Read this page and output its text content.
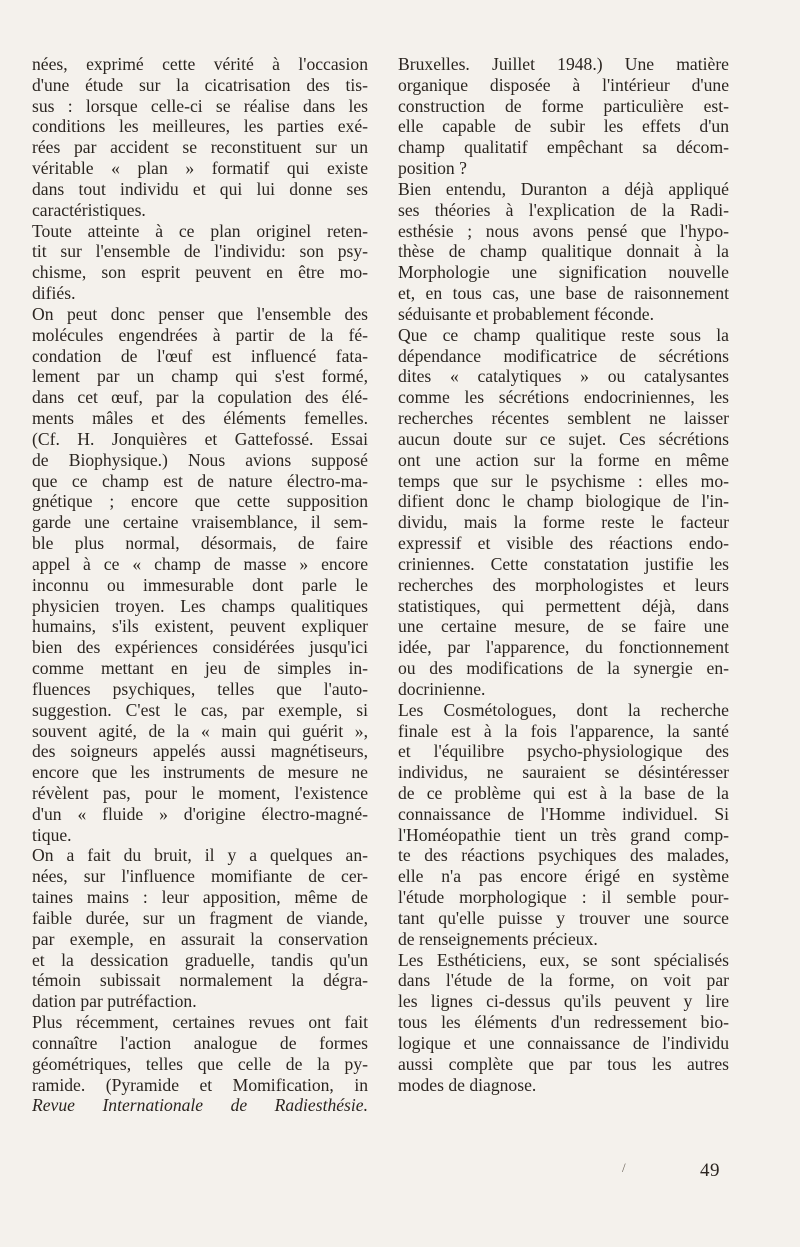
nées, exprimé cette vérité à l'occasion
d'une étude sur la cicatrisation des tis-
sus : lorsque celle-ci se réalise dans les
conditions les meilleures, les parties exé-
rées par accident se reconstituent sur un
véritable « plan » formatif qui existe
dans tout individu et qui lui donne ses
caractéristiques.
Toute atteinte à ce plan originel reten-
tit sur l'ensemble de l'individu: son psy-
chisme, son esprit peuvent en être mo-
difiés.
On peut donc penser que l'ensemble des
molécules engendrées à partir de la fé-
condation de l'œuf est influencé fata-
lement par un champ qui s'est formé,
dans cet œuf, par la copulation des élé-
ments mâles et des éléments femelles.
(Cf. H. Jonquières et Gattefossé. Essai
de Biophysique.) Nous avions supposé
que ce champ est de nature électro-ma-
gnétique ; encore que cette supposition
garde une certaine vraisemblance, il sem-
ble plus normal, désormais, de faire
appel à ce « champ de masse » encore
inconnu ou immesurable dont parle le
physicien troyen. Les champs qualitiques
humains, s'ils existent, peuvent expliquer
bien des expériences considérées jusqu'ici
comme mettant en jeu de simples in-
fluences psychiques, telles que l'auto-
suggestion. C'est le cas, par exemple, si
souvent agité, de la « main qui guérit »,
des soigneurs appelés aussi magnétiseurs,
encore que les instruments de mesure ne
révèlent pas, pour le moment, l'existence
d'un « fluide » d'origine électro-magné-
tique.
On a fait du bruit, il y a quelques an-
nées, sur l'influence momifiante de cer-
taines mains : leur apposition, même de
faible durée, sur un fragment de viande,
par exemple, en assurait la conservation
et la dessication graduelle, tandis qu'un
témoin subissait normalement la dégra-
dation par putréfaction.
Plus récemment, certaines revues ont fait
connaître l'action analogue de formes
géométriques, telles que celle de la py-
ramide. (Pyramide et Momification, in
Revue Internationale de Radiesthésie.
Bruxelles. Juillet 1948.) Une matière
organique disposée à l'intérieur d'une
construction de forme particulière est-
elle capable de subir les effets d'un
champ qualitatif empêchant sa décom-
position ?
Bien entendu, Duranton a déjà appliqué
ses théories à l'explication de la Radi-
esthésie ; nous avons pensé que l'hypo-
thèse de champ qualitique donnait à la
Morphologie une signification nouvelle
et, en tous cas, une base de raisonnement
séduisante et probablement féconde.
Que ce champ qualitique reste sous la
dépendance modificatrice de sécrétions
dites « catalytiques » ou catalysantes
comme les sécrétions endocriniennes, les
recherches récentes semblent ne laisser
aucun doute sur ce sujet. Ces sécrétions
ont une action sur la forme en même
temps que sur le psychisme : elles mo-
difient donc le champ biologique de l'in-
dividu, mais la forme reste le facteur
expressif et visible des réactions endo-
criniennes. Cette constatation justifie les
recherches des morphologistes et leurs
statistiques, qui permettent déjà, dans
une certaine mesure, de se faire une
idée, par l'apparence, du fonctionnement
ou des modifications de la synergie en-
docrinienne.
Les Cosmétologues, dont la recherche
finale est à la fois l'apparence, la santé
et l'équilibre psycho-physiologique des
individus, ne sauraient se désintéresser
de ce problème qui est à la base de la
connaissance de l'Homme individuel. Si
l'Homéopathie tient un très grand comp-
te des réactions psychiques des malades,
elle n'a pas encore érigé en système
l'étude morphologique : il semble pour-
tant qu'elle puisse y trouver une source
de renseignements précieux.
Les Esthéticiens, eux, se sont spécialisés
dans l'étude de la forme, on voit par
les lignes ci-dessus qu'ils peuvent y lire
tous les éléments d'un redressement bio-
logique et une connaissance de l'individu
aussi complète que par tous les autres
modes de diagnose.
/	49
